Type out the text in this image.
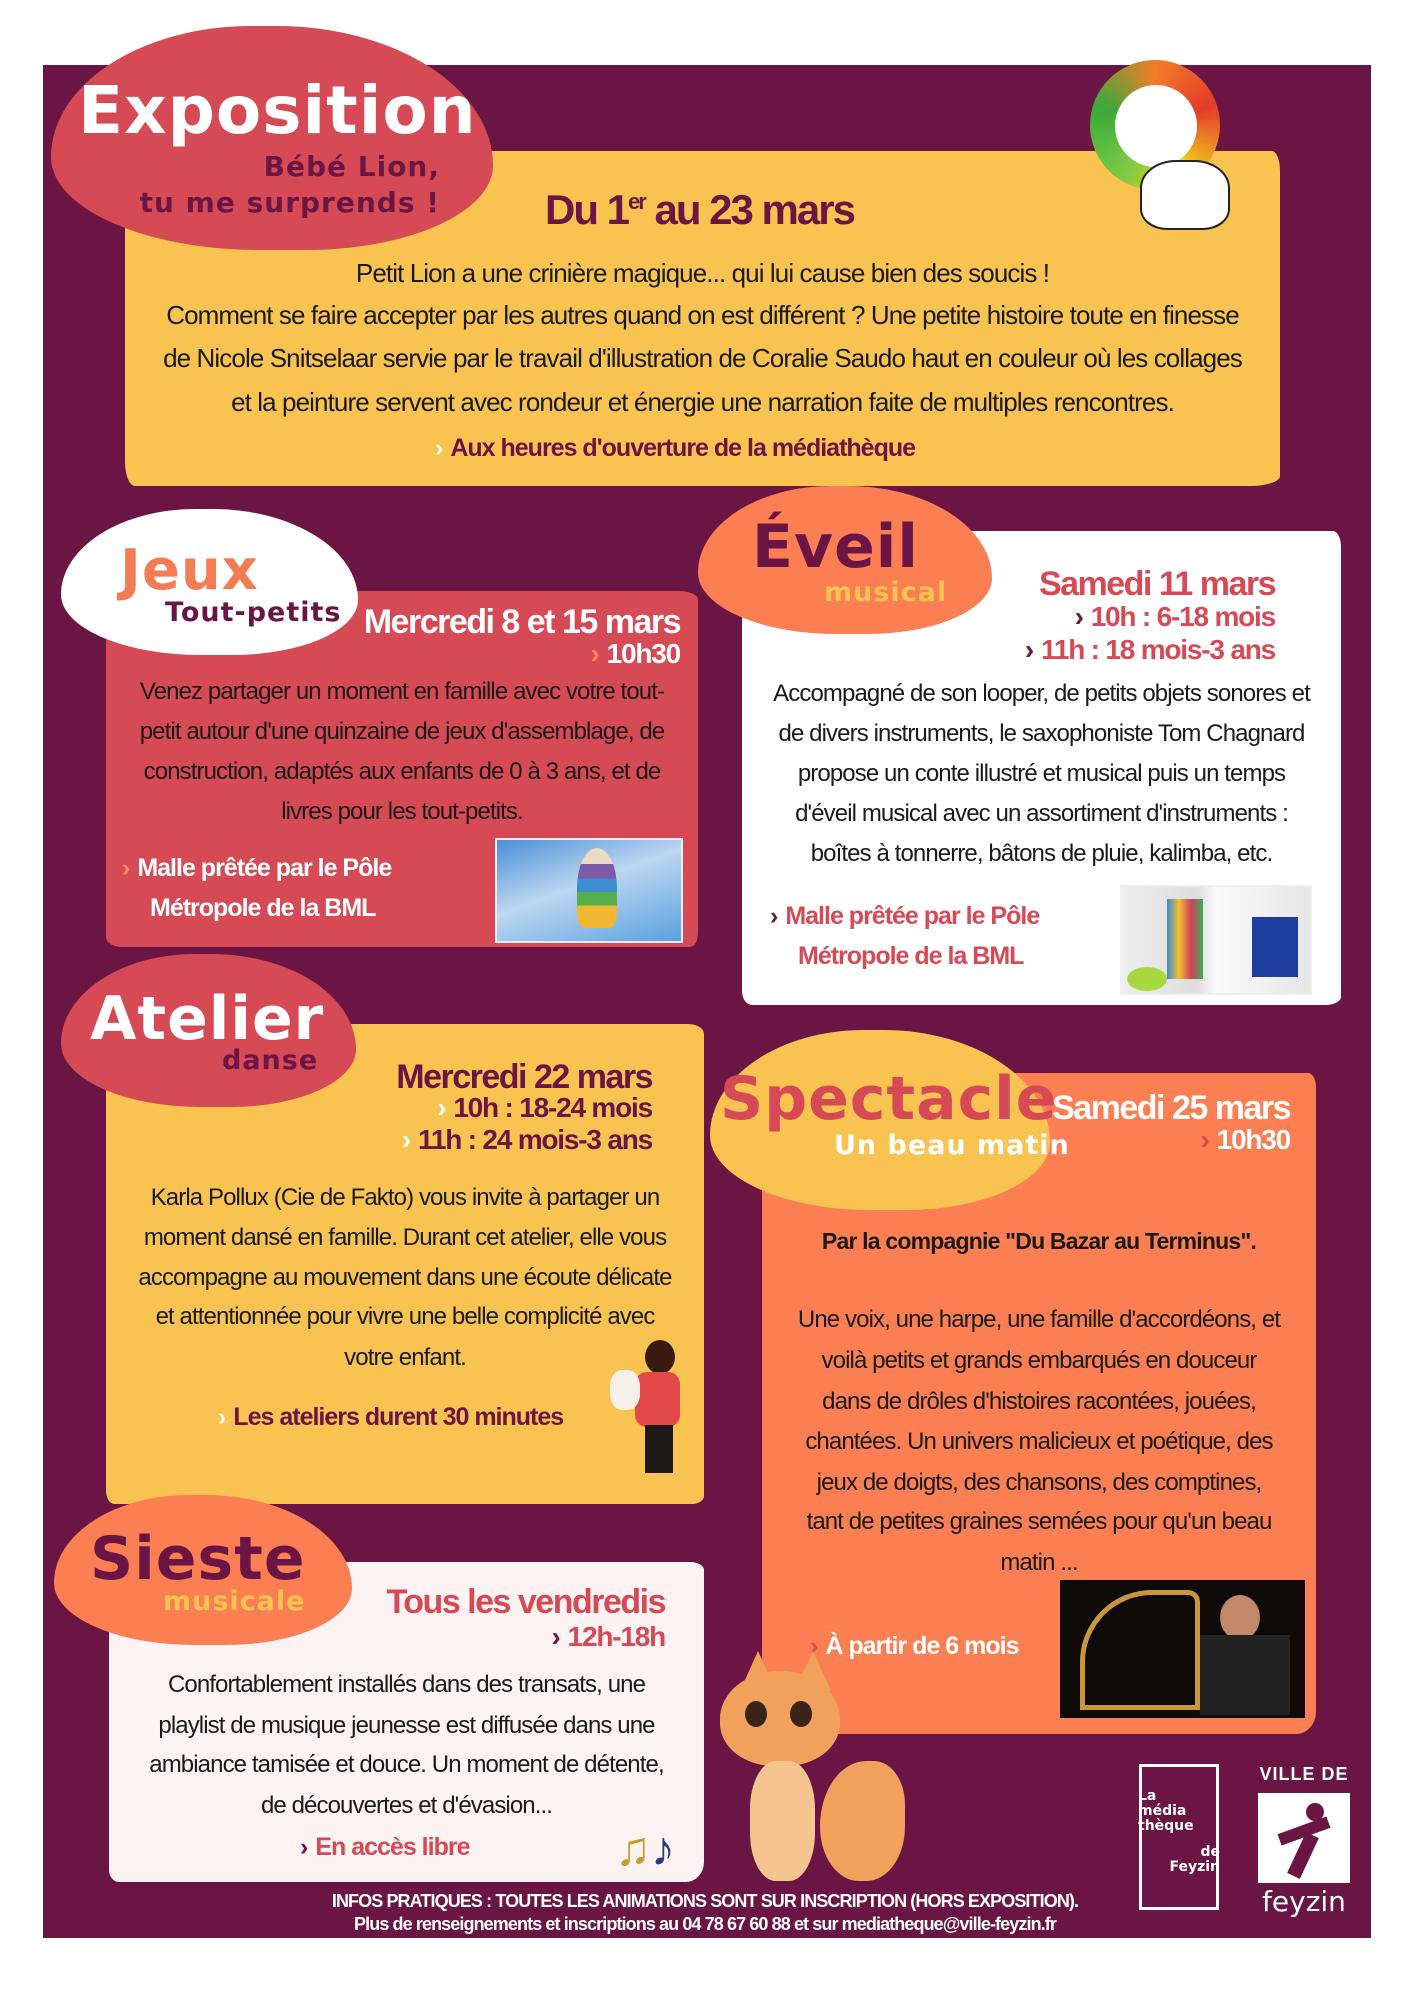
Exposition
Bébé Lion,
tu me surprends !	Du 1er au 23 mars
Petit Lion a une crinière magique... qui lui cause bien des soucis !
Comment se faire accepter par les autres quand on est différent ? Une petite histoire toute en finesse
de Nicole Snitselaar servie par le travail d'illustration de Coralie Saudo haut en couleur où les collages
et la peinture servent avec rondeur et énergie une narration faite de multiples rencontres.
› Aux heures d'ouverture de la médiathèque
Jeux
Tout-petits Mercredi 8 et 15 mars
› 10h30
Venez partager un moment en famille avec votre tout-
petit autour d'une quinzaine de jeux d'assemblage, de
construction, adaptés aux enfants de 0 à 3 ans, et de
livres pour les tout-petits.
› Malle prêtée par le Pôle
Métropole de la BML
Éveil
musical	Samedi 11 mars
› 10h : 6-18 mois
› 11h : 18 mois-3 ans
Accompagné de son looper, de petits objets sonores et
de divers instruments, le saxophoniste Tom Chagnard
propose un conte illustré et musical puis un temps
d'éveil musical avec un assortiment d'instruments :
boîtes à tonnerre, bâtons de pluie, kalimba, etc.
› Malle prêtée par le Pôle
Métropole de la BML
Atelier
danse Mercredi 22 mars
› 10h : 18-24 mois
› 11h : 24 mois-3 ans
Karla Pollux (Cie de Fakto) vous invite à partager un
moment dansé en famille. Durant cet atelier, elle vous
accompagne au mouvement dans une écoute délicate
et attentionnée pour vivre une belle complicité avec
votre enfant.
› Les ateliers durent 30 minutes
Spectacle
Un beau matin
Samedi 25 mars
› 10h30
Par la compagnie "Du Bazar au Terminus".
Une voix, une harpe, une famille d'accordéons, et
voilà petits et grands embarqués en douceur
dans de drôles d'histoires racontées, jouées,
chantées. Un univers malicieux et poétique, des
jeux de doigts, des chansons, des comptines,
tant de petites graines semées pour qu'un beau
matin ...
› À partir de 6 mois
Sieste
musicale Tous les vendredis
› 12h-18h
Confortablement installés dans des transats, une
playlist de musique jeunesse est diffusée dans une
ambiance tamisée et douce. Un moment de détente,
de découvertes et d'évasion...
› En accès libre	♫♪
La
média
thèque
de
Feyzin
VILLE DE
feyzin
INFOS PRATIQUES : TOUTES LES ANIMATIONS SONT SUR INSCRIPTION (HORS EXPOSITION).
Plus de renseignements et inscriptions au 04 78 67 60 88 et sur mediatheque@ville-feyzin.fr
